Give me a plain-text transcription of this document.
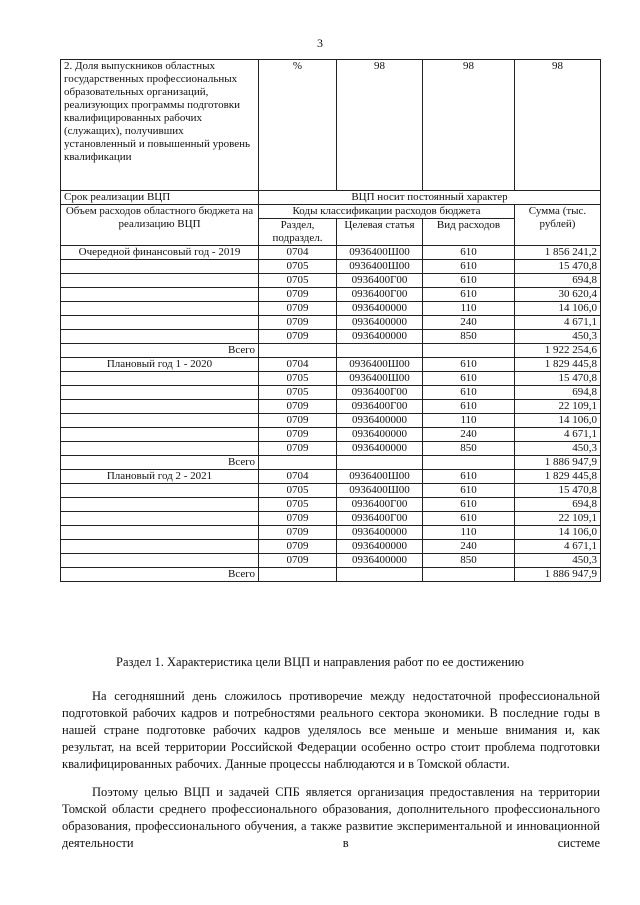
3
2. Доля выпускников областных государственных профессиональных образовательных организаций, реализующих программы подготовки квалифицированных рабочих (служащих), получивших установленный и повышенный уровень квалификации	%	98	98	98
Срок реализации ВЦП	ВЦП носит постоянный характер			
Объем расходов областного бюджета на реализацию ВЦП	Коды классификации расходов бюджета			Сумма (тыс. рублей)
	Раздел, подраздел.	Целевая статья	Вид расходов	
Очередной финансовый год - 2019	0704	0936400Ш00	610	1 856 241,2
	0705	0936400Ш00	610	15 470,8
	0705	0936400Г00	610	694,8
	0709	0936400Г00	610	30 620,4
	0709	0936400000	110	14 106,0
	0709	0936400000	240	4 671,1
	0709	0936400000	850	450,3
Всего				1 922 254,6
Плановый год 1 - 2020	0704	0936400Ш00	610	1 829 445,8
	0705	0936400Ш00	610	15 470,8
	0705	0936400Г00	610	694,8
	0709	0936400Г00	610	22 109,1
	0709	0936400000	110	14 106,0
	0709	0936400000	240	4 671,1
	0709	0936400000	850	450,3
Всего				1 886 947,9
Плановый год 2 - 2021	0704	0936400Ш00	610	1 829 445,8
	0705	0936400Ш00	610	15 470,8
	0705	0936400Г00	610	694,8
	0709	0936400Г00	610	22 109,1
	0709	0936400000	110	14 106,0
	0709	0936400000	240	4 671,1
	0709	0936400000	850	450,3
Всего				1 886 947,9
Раздел 1. Характеристика цели ВЦП и направления работ по ее достижению

На сегодняшний день сложилось противоречие между недостаточной профессиональной подготовкой рабочих кадров и потребностями реального сектора экономики. В последние годы в нашей стране подготовке рабочих кадров уделялось все меньше и меньше внимания и, как результат, на всей территории Российской Федерации особенно остро стоит проблема подготовки квалифицированных рабочих. Данные процессы наблюдаются и в Томской области.

Поэтому целью ВЦП и задачей СПБ является организация предоставления на территории Томской области среднего профессионального образования, дополнительного профессионального образования, профессионального обучения, а также развитие экспериментальной и инновационной деятельности в системе
